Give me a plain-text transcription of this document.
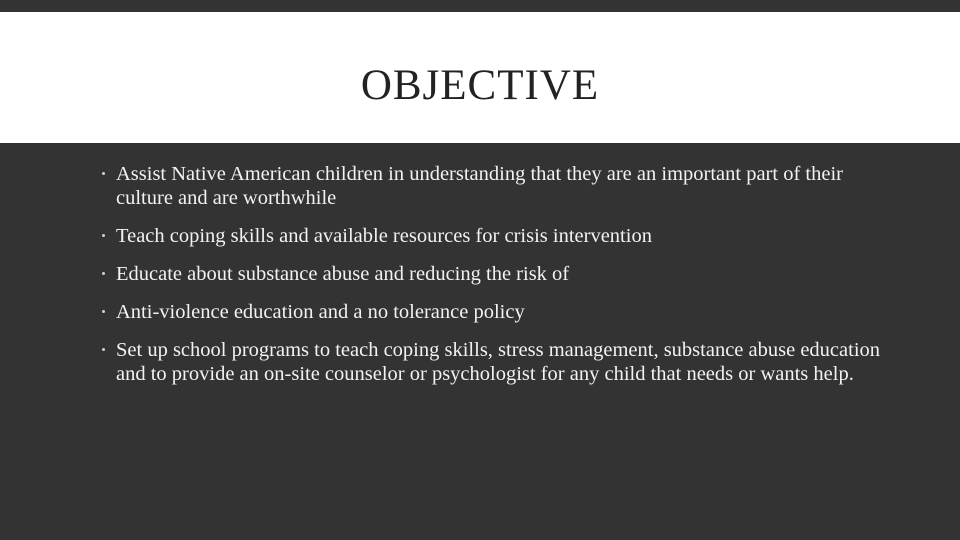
OBJECTIVE
Assist Native American children in understanding that they are an important part of their culture and are worthwhile
Teach coping skills and available resources for crisis intervention
Educate about substance abuse and reducing the risk of
Anti-violence education and a no tolerance policy
Set up school programs to teach coping skills, stress management, substance abuse education and to provide an on-site counselor or psychologist for any child that needs or wants help.
